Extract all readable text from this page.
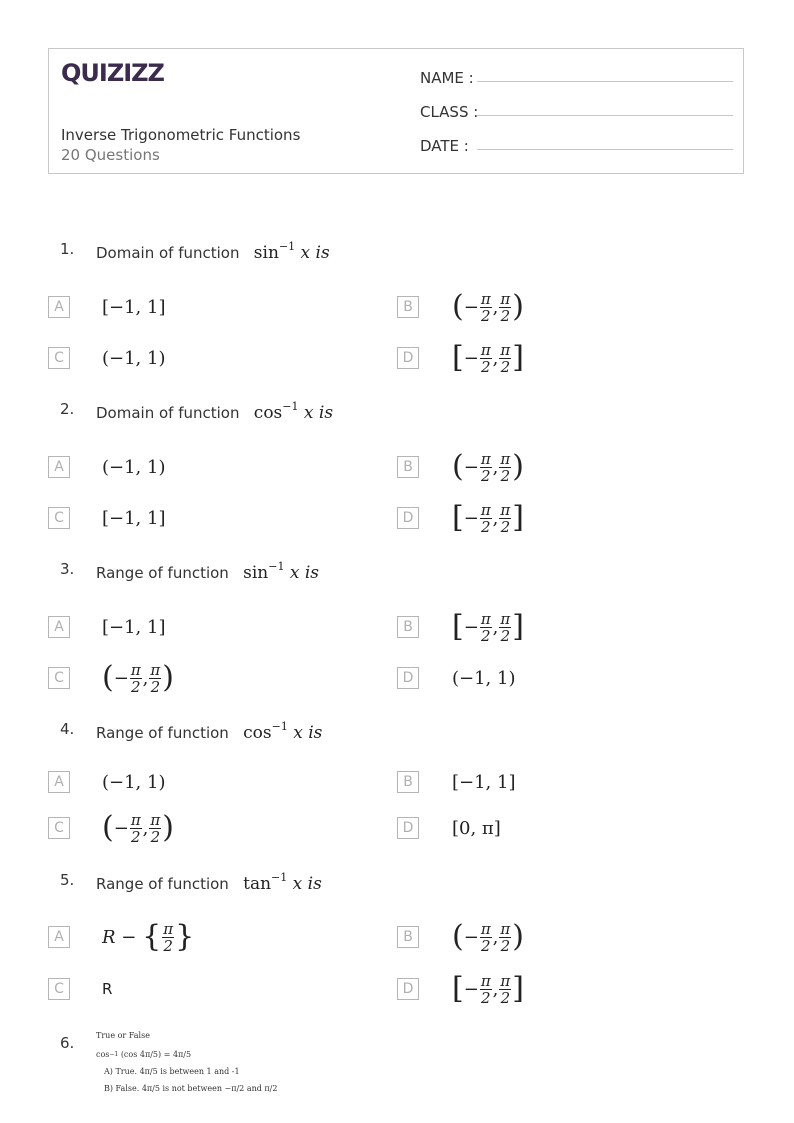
QUIZIZZ
Inverse Trigonometric Functions
20 Questions
NAME :
CLASS :
DATE :
1. Domain of function $\sin^{-1} x$ is
A	[−1, 1]	B ( − $\frac{\pi}{2}$ , $\frac{\pi}{2}$ )
C	(−1, 1)	D [ − $\frac{\pi}{2}$ , $\frac{\pi}{2}$ ]
2. Domain of function $\cos^{-1} x$ is
A	(−1, 1)	B ( − $\frac{\pi}{2}$ , $\frac{\pi}{2}$ )
C	[−1, 1]	D [ − $\frac{\pi}{2}$ , $\frac{\pi}{2}$ ]
3. Range of function $\sin^{-1} x$ is
A	[−1, 1]	B [ − $\frac{\pi}{2}$ , $\frac{\pi}{2}$ ]
C ( − $\frac{\pi}{2}$ , $\frac{\pi}{2}$ )	D	(−1, 1)
4. Range of function $\cos^{-1} x$ is
A	(−1, 1)	B	[−1, 1]
C ( − $\frac{\pi}{2}$ , $\frac{\pi}{2}$ )	D	[0, π]
5. Range of function $\tan^{-1} x$ is
A	R
−
{ $\frac{\pi}{2}$ }	B ( − $\frac{\pi}{2}$ , $\frac{\pi}{2}$ )
C	R	D [ − $\frac{\pi}{2}$ , $\frac{\pi}{2}$ ]
6.	True or False
cos −1
(cos
4π/5 ) =
4π/5
A) True. 4π/5 is between 1 and -1
B) False. 4π/5 is not between −π/2 and π/2
